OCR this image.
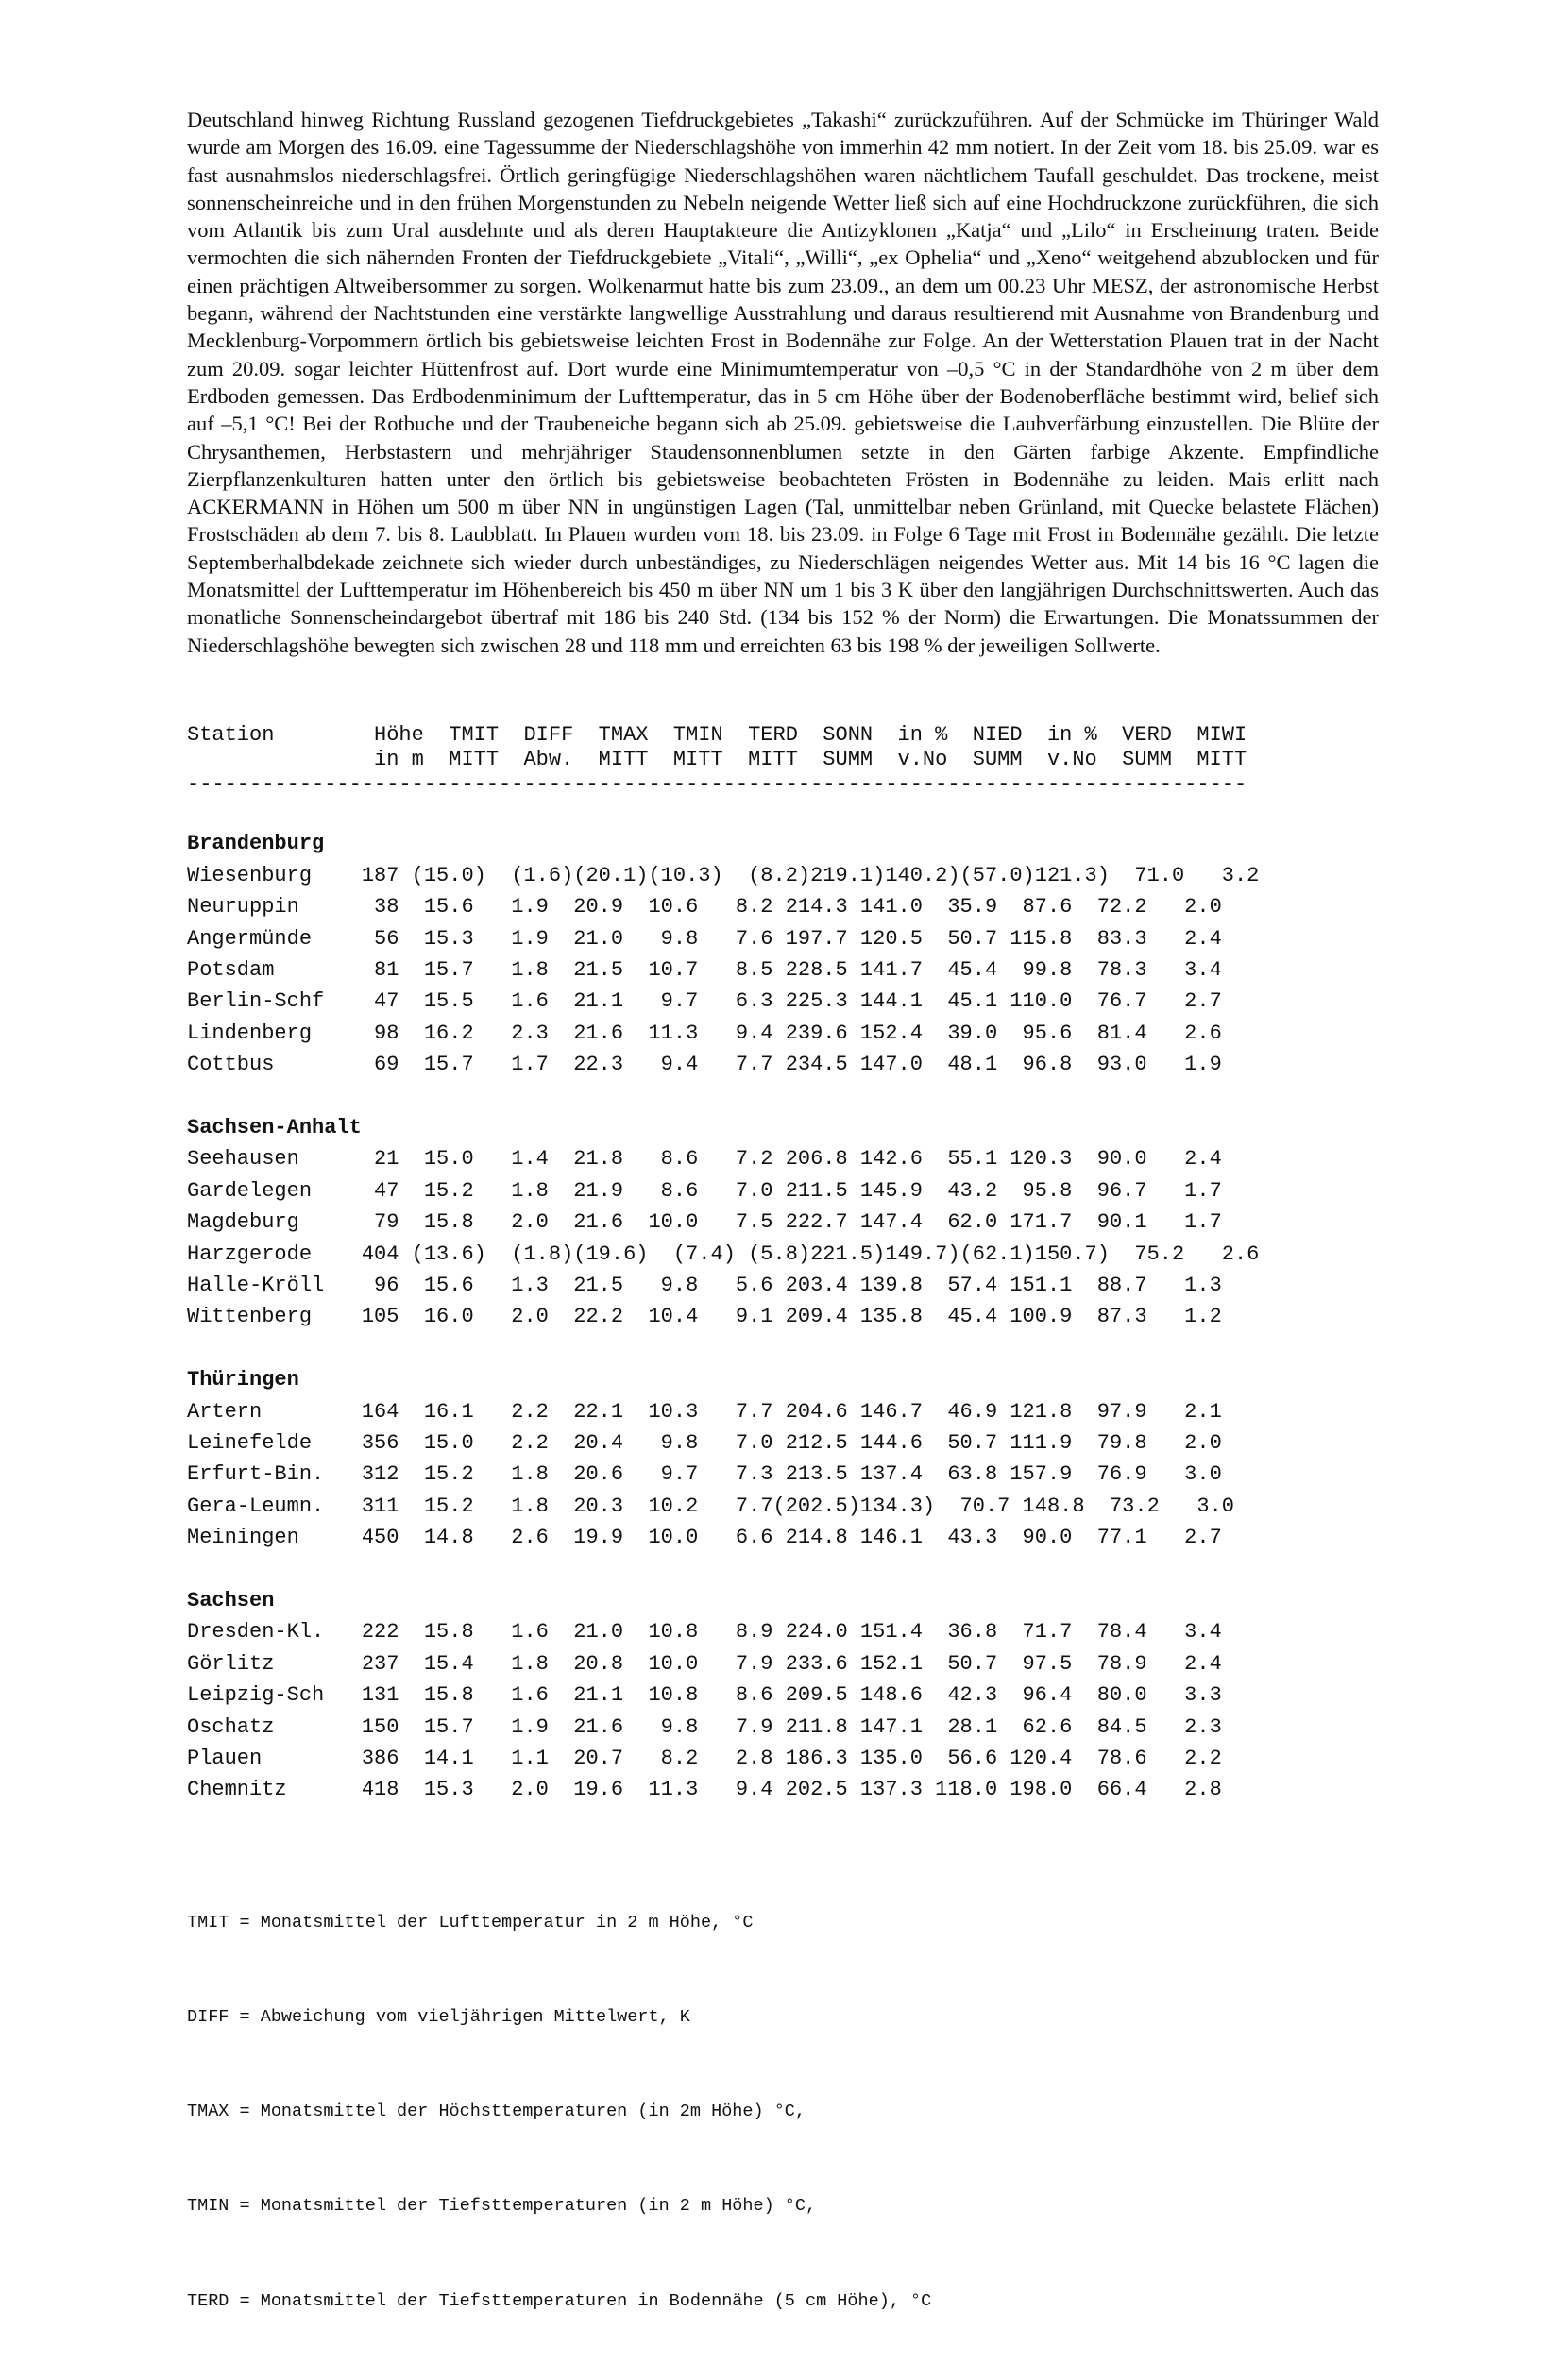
Deutschland hinweg Richtung Russland gezogenen Tiefdruckgebietes „Takashi“ zurückzuführen. Auf der Schmücke im Thüringer Wald wurde am Morgen des 16.09. eine Tagessumme der Niederschlagshöhe von immerhin 42 mm notiert. In der Zeit vom 18. bis 25.09. war es fast ausnahmslos niederschlagsfrei. Örtlich geringfügige Niederschlagshöhen waren nächtlichem Taufall geschuldet. Das trockene, meist sonnenscheinreiche und in den frühen Morgenstunden zu Nebeln neigende Wetter ließ sich auf eine Hochdruckzone zurückführen, die sich vom Atlantik bis zum Ural ausdehnte und als deren Hauptakteure die Antizyklonen „Katja“ und „Lilo“ in Erscheinung traten. Beide vermochten die sich nähernden Fronten der Tiefdruckgebiete „Vitali“, „Willi“, „ex Ophelia“ und „Xeno“ weitgehend abzublocken und für einen prächtigen Altweibersommer zu sorgen. Wolkenarmut hatte bis zum 23.09., an dem um 00.23 Uhr MESZ, der astronomische Herbst begann, während der Nachtstunden eine verstärkte langwellige Ausstrahlung und daraus resultierend mit Ausnahme von Brandenburg und Mecklenburg-Vorpommern örtlich bis gebietsweise leichten Frost in Bodennähe zur Folge. An der Wetterstation Plauen trat in der Nacht zum 20.09. sogar leichter Hüttenfrost auf. Dort wurde eine Minimumtemperatur von –0,5 °C in der Standardhöhe von 2 m über dem Erdboden gemessen. Das Erdbodenminimum der Lufttemperatur, das in 5 cm Höhe über der Bodenoberfläche bestimmt wird, belief sich auf –5,1 °C! Bei der Rotbuche und der Traubeneiche begann sich ab 25.09. gebietsweise die Laubverfärbung einzustellen. Die Blüte der Chrysanthemen, Herbstastern und mehrjähriger Staudensonnenblumen setzte in den Gärten farbige Akzente. Empfindliche Zierpflanzenkulturen hatten unter den örtlich bis gebietsweise beobachteten Frösten in Bodennähe zu leiden. Mais erlitt nach ACKERMANN in Höhen um 500 m über NN in ungünstigen Lagen (Tal, unmittelbar neben Grünland, mit Quecke belastete Flächen) Frostschäden ab dem 7. bis 8. Laubblatt. In Plauen wurden vom 18. bis 23.09. in Folge 6 Tage mit Frost in Bodennähe gezählt. Die letzte Septemberhalbdekade zeichnete sich wieder durch unbeständiges, zu Niederschlägen neigendes Wetter aus. Mit 14 bis 16 °C lagen die Monatsmittel der Lufttemperatur im Höhenbereich bis 450 m über NN um 1 bis 3 K über den langjährigen Durchschnittswerten. Auch das monatliche Sonnenscheindargebot übertraf mit 186 bis 240 Std. (134 bis 152 % der Norm) die Erwartungen. Die Monatssummen der Niederschlagshöhe bewegten sich zwischen 28 und 118 mm und erreichten 63 bis 198 % der jeweiligen Sollwerte.

Station        Höhe  TMIT  DIFF  TMAX  TMIN  TERD  SONN  in %  NIED  in %  VERD  MIWI
in m  MITT  Abw.  MITT  MITT  MITT  SUMM  v.No  SUMM  v.No  SUMM  MITT
-------------------------------------------------------------------------------------
Brandenburg
Wiesenburg    187 (15.0)  (1.6)(20.1)(10.3)  (8.2)219.1)140.2)(57.0)121.3)  71.0   3.2
Neuruppin      38  15.6   1.9  20.9  10.6   8.2 214.3 141.0  35.9  87.6  72.2   2.0
Angermünde     56  15.3   1.9  21.0   9.8   7.6 197.7 120.5  50.7 115.8  83.3   2.4
Potsdam        81  15.7   1.8  21.5  10.7   8.5 228.5 141.7  45.4  99.8  78.3   3.4
Berlin-Schf    47  15.5   1.6  21.1   9.7   6.3 225.3 144.1  45.1 110.0  76.7   2.7
Lindenberg     98  16.2   2.3  21.6  11.3   9.4 239.6 152.4  39.0  95.6  81.4   2.6
Cottbus        69  15.7   1.7  22.3   9.4   7.7 234.5 147.0  48.1  96.8  93.0   1.9
Sachsen-Anhalt
Seehausen      21  15.0   1.4  21.8   8.6   7.2 206.8 142.6  55.1 120.3  90.0   2.4
Gardelegen     47  15.2   1.8  21.9   8.6   7.0 211.5 145.9  43.2  95.8  96.7   1.7
Magdeburg      79  15.8   2.0  21.6  10.0   7.5 222.7 147.4  62.0 171.7  90.1   1.7
Harzgerode    404 (13.6)  (1.8)(19.6)  (7.4) (5.8)221.5)149.7)(62.1)150.7)  75.2   2.6
Halle-Kröll    96  15.6   1.3  21.5   9.8   5.6 203.4 139.8  57.4 151.1  88.7   1.3
Wittenberg    105  16.0   2.0  22.2  10.4   9.1 209.4 135.8  45.4 100.9  87.3   1.2
Thüringen
Artern        164  16.1   2.2  22.1  10.3   7.7 204.6 146.7  46.9 121.8  97.9   2.1
Leinefelde    356  15.0   2.2  20.4   9.8   7.0 212.5 144.6  50.7 111.9  79.8   2.0
Erfurt-Bin.   312  15.2   1.8  20.6   9.7   7.3 213.5 137.4  63.8 157.9  76.9   3.0
Gera-Leumn.   311  15.2   1.8  20.3  10.2   7.7(202.5)134.3)  70.7 148.8  73.2   3.0
Meiningen     450  14.8   2.6  19.9  10.0   6.6 214.8 146.1  43.3  90.0  77.1   2.7
Sachsen
Dresden-Kl.   222  15.8   1.6  21.0  10.8   8.9 224.0 151.4  36.8  71.7  78.4   3.4
Görlitz       237  15.4   1.8  20.8  10.0   7.9 233.6 152.1  50.7  97.5  78.9   2.4
Leipzig-Sch   131  15.8   1.6  21.1  10.8   8.6 209.5 148.6  42.3  96.4  80.0   3.3
Oschatz       150  15.7   1.9  21.6   9.8   7.9 211.8 147.1  28.1  62.6  84.5   2.3
Plauen        386  14.1   1.1  20.7   8.2   2.8 186.3 135.0  56.6 120.4  78.6   2.2
Chemnitz      418  15.3   2.0  19.6  11.3   9.4 202.5 137.3 118.0 198.0  66.4   2.8

TMIT = Monatsmittel der Lufttemperatur in 2 m Höhe, °C

DIFF = Abweichung vom vieljährigen Mittelwert, K

TMAX = Monatsmittel der Höchsttemperaturen (in 2m Höhe) °C,

TMIN = Monatsmittel der Tiefsttemperaturen (in 2 m Höhe) °C,

TERD = Monatsmittel der Tiefsttemperaturen in Bodennähe (5 cm Höhe), °C
